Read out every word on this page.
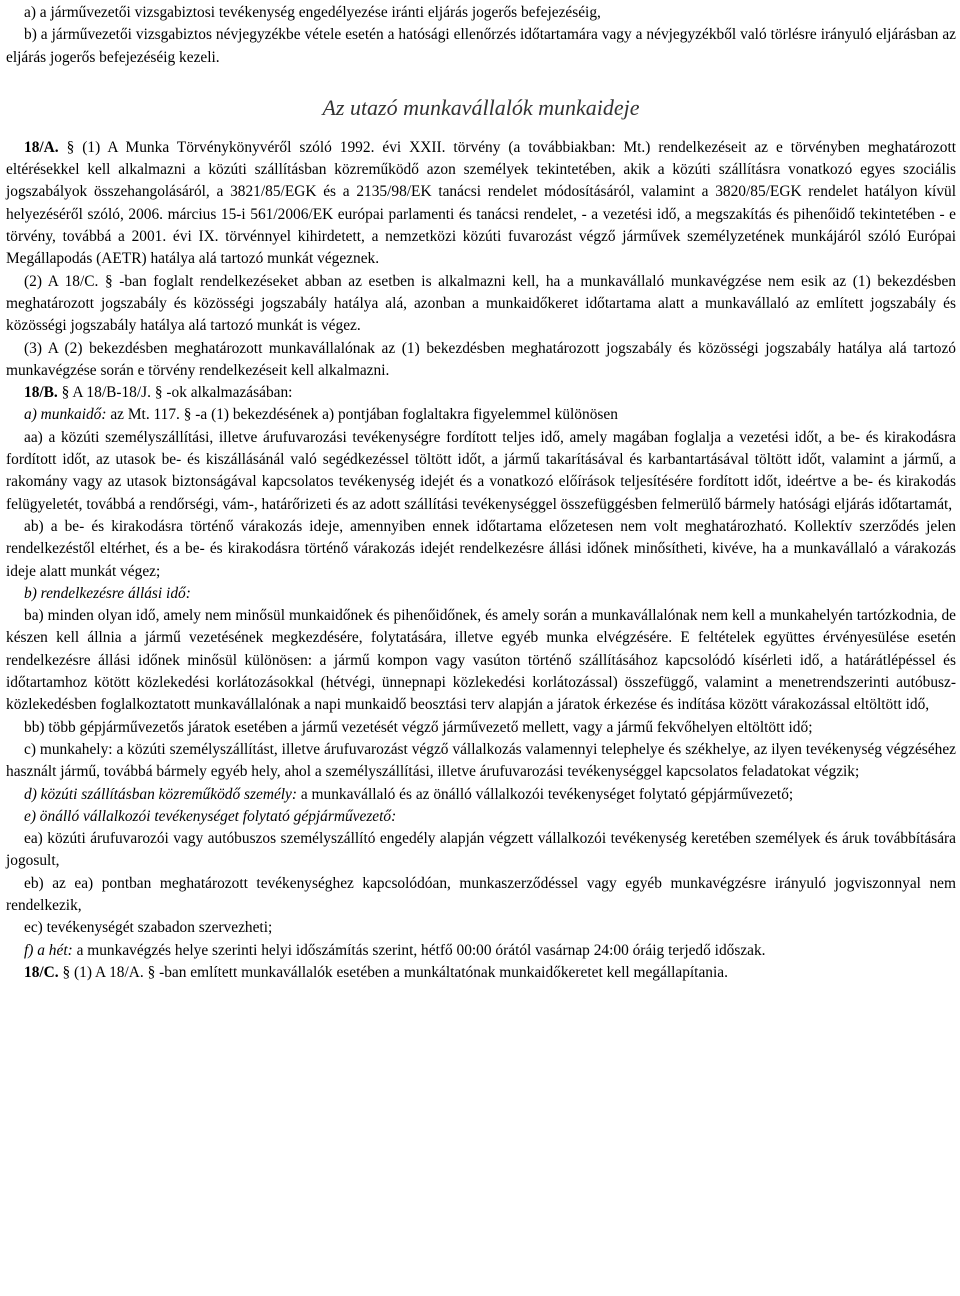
a) a járművezetői vizsgabiztosi tevékenység engedélyezése iránti eljárás jogerős befejezéséig,

b) a járművezetői vizsgabiztos névjegyzékbe vétele esetén a hatósági ellenőrzés időtartamára vagy a névjegyzékből való törlésre irányuló eljárásban az eljárás jogerős befejezéséig kezeli.

Az utazó munkavállalók munkaideje

18/A. § (1) A Munka Törvénykönyvéről szóló 1992. évi XXII. törvény (a továbbiakban: Mt.) rendelkezéseit az e törvényben meghatározott eltérésekkel kell alkalmazni a közúti szállításban közreműködő azon személyek tekintetében, akik a közúti szállításra vonatkozó egyes szociális jogszabályok összehangolásáról, a 3821/85/EGK és a 2135/98/EK tanácsi rendelet módosításáról, valamint a 3820/85/EGK rendelet hatályon kívül helyezéséről szóló, 2006. március 15-i 561/2006/EK európai parlamenti és tanácsi rendelet, - a vezetési idő, a megszakítás és pihenőidő tekintetében - e törvény, továbbá a 2001. évi IX. törvénnyel kihirdetett, a nemzetközi közúti fuvarozást végző járművek személyzetének munkájáról szóló Európai Megállapodás (AETR) hatálya alá tartozó munkát végeznek.

(2) A 18/C. § -ban foglalt rendelkezéseket abban az esetben is alkalmazni kell, ha a munkavállaló munkavégzése nem esik az (1) bekezdésben meghatározott jogszabály és közösségi jogszabály hatálya alá, azonban a munkaidőkeret időtartama alatt a munkavállaló az említett jogszabály és közösségi jogszabály hatálya alá tartozó munkát is végez.

(3) A (2) bekezdésben meghatározott munkavállalónak az (1) bekezdésben meghatározott jogszabály és közösségi jogszabály hatálya alá tartozó munkavégzése során e törvény rendelkezéseit kell alkalmazni.

18/B. § A 18/B-18/J. § -ok alkalmazásában:

a) munkaidő: az Mt. 117. § -a (1) bekezdésének a) pontjában foglaltakra figyelemmel különösen

aa) a közúti személyszállítási, illetve árufuvarozási tevékenységre fordított teljes idő, amely magában foglalja a vezetési időt, a be- és kirakodásra fordított időt, az utasok be- és kiszállásánál való segédkezéssel töltött időt, a jármű takarításával és karbantartásával töltött időt, valamint a jármű, a rakomány vagy az utasok biztonságával kapcsolatos tevékenység idejét és a vonatkozó előírások teljesítésére fordított időt, ideértve a be- és kirakodás felügyeletét, továbbá a rendőrségi, vám-, határőrizeti és az adott szállítási tevékenységgel összefüggésben felmerülő bármely hatósági eljárás időtartamát,

ab) a be- és kirakodásra történő várakozás ideje, amennyiben ennek időtartama előzetesen nem volt meghatározható. Kollektív szerződés jelen rendelkezéstől eltérhet, és a be- és kirakodásra történő várakozás idejét rendelkezésre állási időnek minősítheti, kivéve, ha a munkavállaló a várakozás ideje alatt munkát végez;

b) rendelkezésre állási idő:

ba) minden olyan idő, amely nem minősül munkaidőnek és pihenőidőnek, és amely során a munkavállalónak nem kell a munkahelyén tartózkodnia, de készen kell állnia a jármű vezetésének megkezdésére, folytatására, illetve egyéb munka elvégzésére. E feltételek együttes érvényesülése esetén rendelkezésre állási időnek minősül különösen: a jármű kompon vagy vasúton történő szállításához kapcsolódó kísérleti idő, a határátlépéssel és időtartamhoz kötött közlekedési korlátozásokkal (hétvégi, ünnepnapi közlekedési korlátozással) összefüggő, valamint a menetrendszerinti autóbusz-közlekedésben foglalkoztatott munkavállalónak a napi munkaidő beosztási terv alapján a járatok érkezése és indítása között várakozással eltöltött idő,

bb) több gépjárművezetős járatok esetében a jármű vezetését végző járművezető mellett, vagy a jármű fekvőhelyen eltöltött idő;

c) munkahely: a közúti személyszállítást, illetve árufuvarozást végző vállalkozás valamennyi telephelye és székhelye, az ilyen tevékenység végzéséhez használt jármű, továbbá bármely egyéb hely, ahol a személyszállítási, illetve árufuvarozási tevékenységgel kapcsolatos feladatokat végzik;

d) közúti szállításban közreműködő személy: a munkavállaló és az önálló vállalkozói tevékenységet folytató gépjárművezető;

e) önálló vállalkozói tevékenységet folytató gépjárművezető:

ea) közúti árufuvarozói vagy autóbuszos személyszállító engedély alapján végzett vállalkozói tevékenység keretében személyek és áruk továbbítására jogosult,

eb) az ea) pontban meghatározott tevékenységhez kapcsolódóan, munkaszerződéssel vagy egyéb munkavégzésre irányuló jogviszonnyal nem rendelkezik,

ec) tevékenységét szabadon szervezheti;

f) a hét: a munkavégzés helye szerinti helyi időszámítás szerint, hétfő 00:00 órától vasárnap 24:00 óráig terjedő időszak.

18/C. § (1) A 18/A. § -ban említett munkavállalók esetében a munkáltatónak munkaidőkeretet kell megállapítania.
